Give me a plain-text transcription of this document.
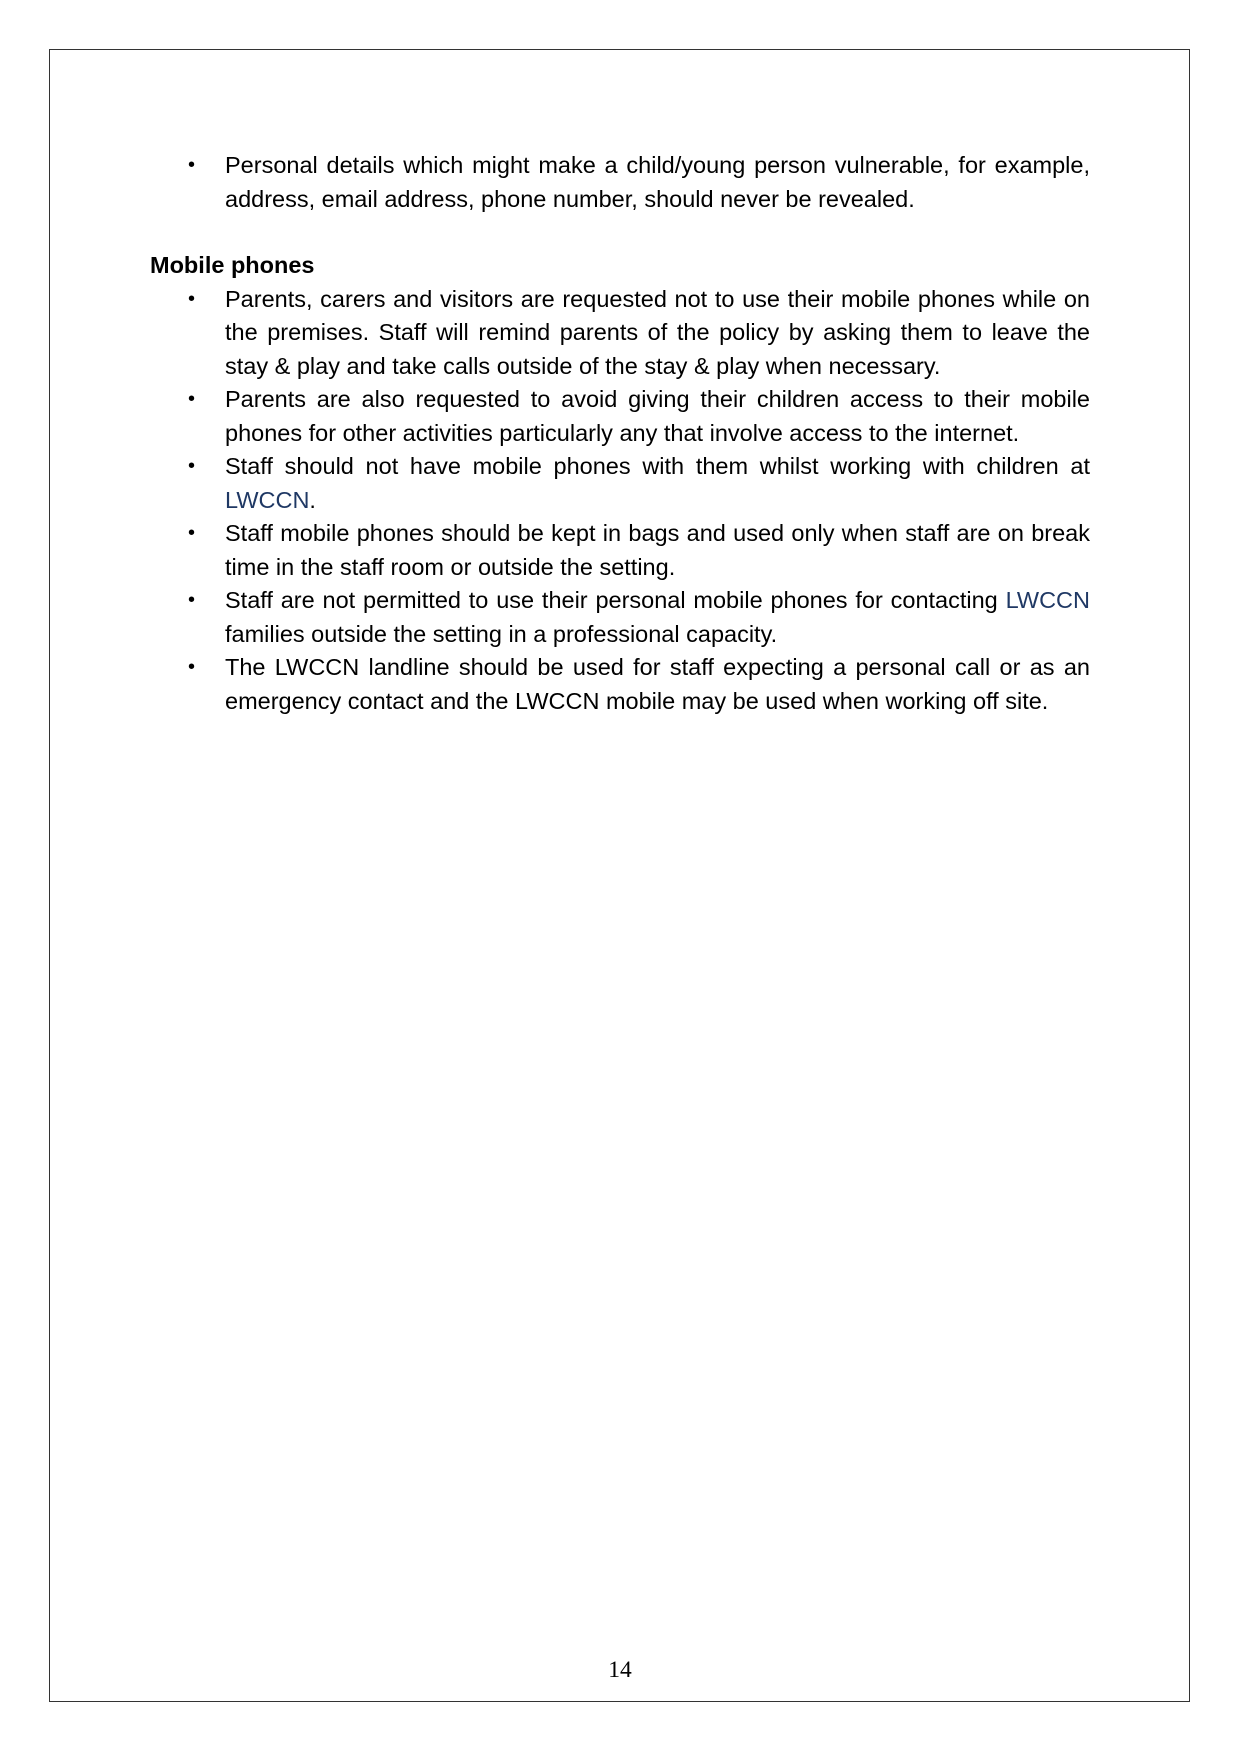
• Personal details which might make a child/young person vulnerable, for example, address, email address, phone number, should never be revealed.

Mobile phones

• Parents, carers and visitors are requested not to use their mobile phones while on the premises. Staff will remind parents of the policy by asking them to leave the stay & play and take calls outside of the stay & play when necessary.
• Parents are also requested to avoid giving their children access to their mobile phones for other activities particularly any that involve access to the internet.
• Staff should not have mobile phones with them whilst working with children at LWCCN.
• Staff mobile phones should be kept in bags and used only when staff are on break time in the staff room or outside the setting.
• Staff are not permitted to use their personal mobile phones for contacting LWCCN families outside the setting in a professional capacity.
• The LWCCN landline should be used for staff expecting a personal call or as an emergency contact and the LWCCN mobile may be used when working off site.
14
